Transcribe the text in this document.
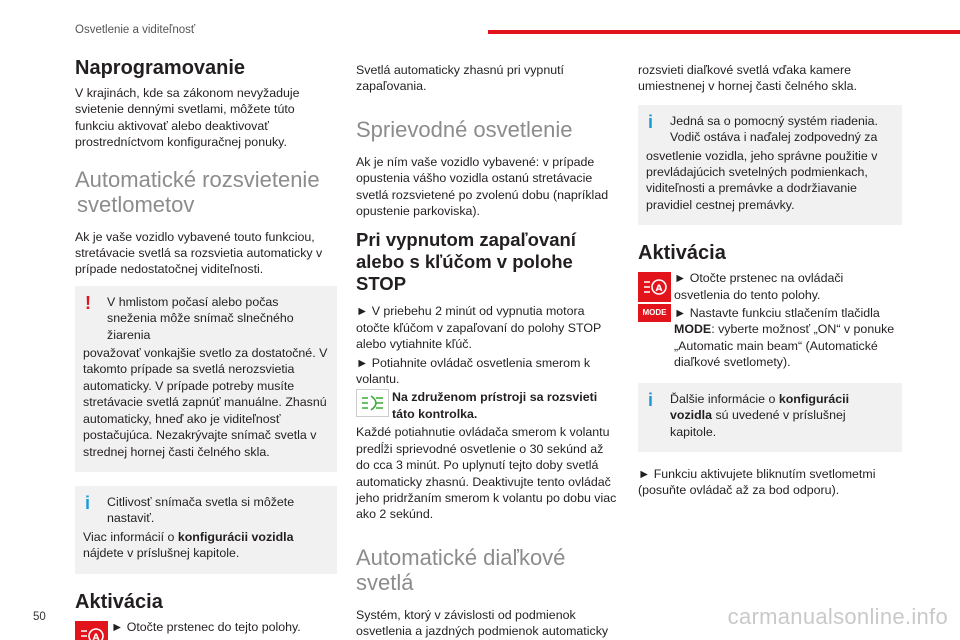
Osvetlenie a viditeľnosť
Naprogramovanie

V krajinách, kde sa zákonom nevyžaduje svietenie dennými svetlami, môžete túto funkciu aktivovať alebo deaktivovať prostredníctvom konfiguračnej ponuky.

Automatické rozsvietenie
svetlometov

Ak je vaše vozidlo vybavené touto funkciou, stretávacie svetlá sa rozsvietia automaticky v prípade nedostatočnej viditeľnosti.

!	V hmlistom počasí alebo počas sneženia môže snímač slnečného žiarenia

považovať vonkajšie svetlo za dostatočné. V takomto prípade sa svetlá nerozsvietia automaticky. V prípade potreby musíte stretávacie svetlá zapnúť manuálne. Zhasnú automaticky, hneď ako je viditeľnosť postačujúca. Nezakrývajte snímač svetla v strednej hornej časti čelného skla.

i	Citlivosť snímača svetla si môžete nastaviť.

Viac informácií o konfigurácii vozidla nájdete v príslušnej kapitole.

Aktivácia
A

► Otočte prstenec do tejto polohy.

Svetlá automaticky zhasnú pri vypnutí zapaľovania.

Sprievodné osvetlenie

Ak je ním vaše vozidlo vybavené: v prípade opustenia vášho vozidla ostanú stretávacie svetlá rozsvietené po zvolenú dobu (napríklad opustenie parkoviska).

Pri vypnutom zapaľovaní alebo s kľúčom v polohe STOP

► V priebehu 2 minút od vypnutia motora otočte kľúčom v zapaľovaní do polohy STOP alebo vytiahnite kľúč.

► Potiahnite ovládač osvetlenia smerom k volantu.

Na združenom prístroji sa rozsvieti táto kontrolka.

Každé potiahnutie ovládača smerom k volantu predĺži sprievodné osvetlenie o 30 sekúnd až do cca 3 minút. Po uplynutí tejto doby svetlá automaticky zhasnú. Deaktivujte tento ovládač jeho pridržaním smerom k volantu po dobu viac ako 2 sekúnd.

Automatické diaľkové
svetlá

Systém, ktorý v závislosti od podmienok osvetlenia a jazdných podmienok automaticky

rozsvieti diaľkové svetlá vďaka kamere umiestnenej v hornej časti čelného skla.

i	Jedná sa o pomocný systém riadenia. Vodič ostáva i naďalej zodpovedný za

osvetlenie vozidla, jeho správne použitie v prevládajúcich svetelných podmienkach, viditeľnosti a premávke a dodržiavanie pravidiel cestnej premávky.

Aktivácia
A
MODE

► Otočte prstenec na ovládači osvetlenia do tento polohy.

► Nastavte funkciu stlačením tlačidla
MODE: vyberte možnosť „ON“ v ponuke „Automatic main beam“ (Automatické diaľkové svetlomety).

i	Ďalšie informácie o konfigurácii vozidla sú uvedené v príslušnej kapitole.

► Funkciu aktivujete bliknutím svetlometmi (posuňte ovládač až za bod odporu).

50	carmanualsonline.info
